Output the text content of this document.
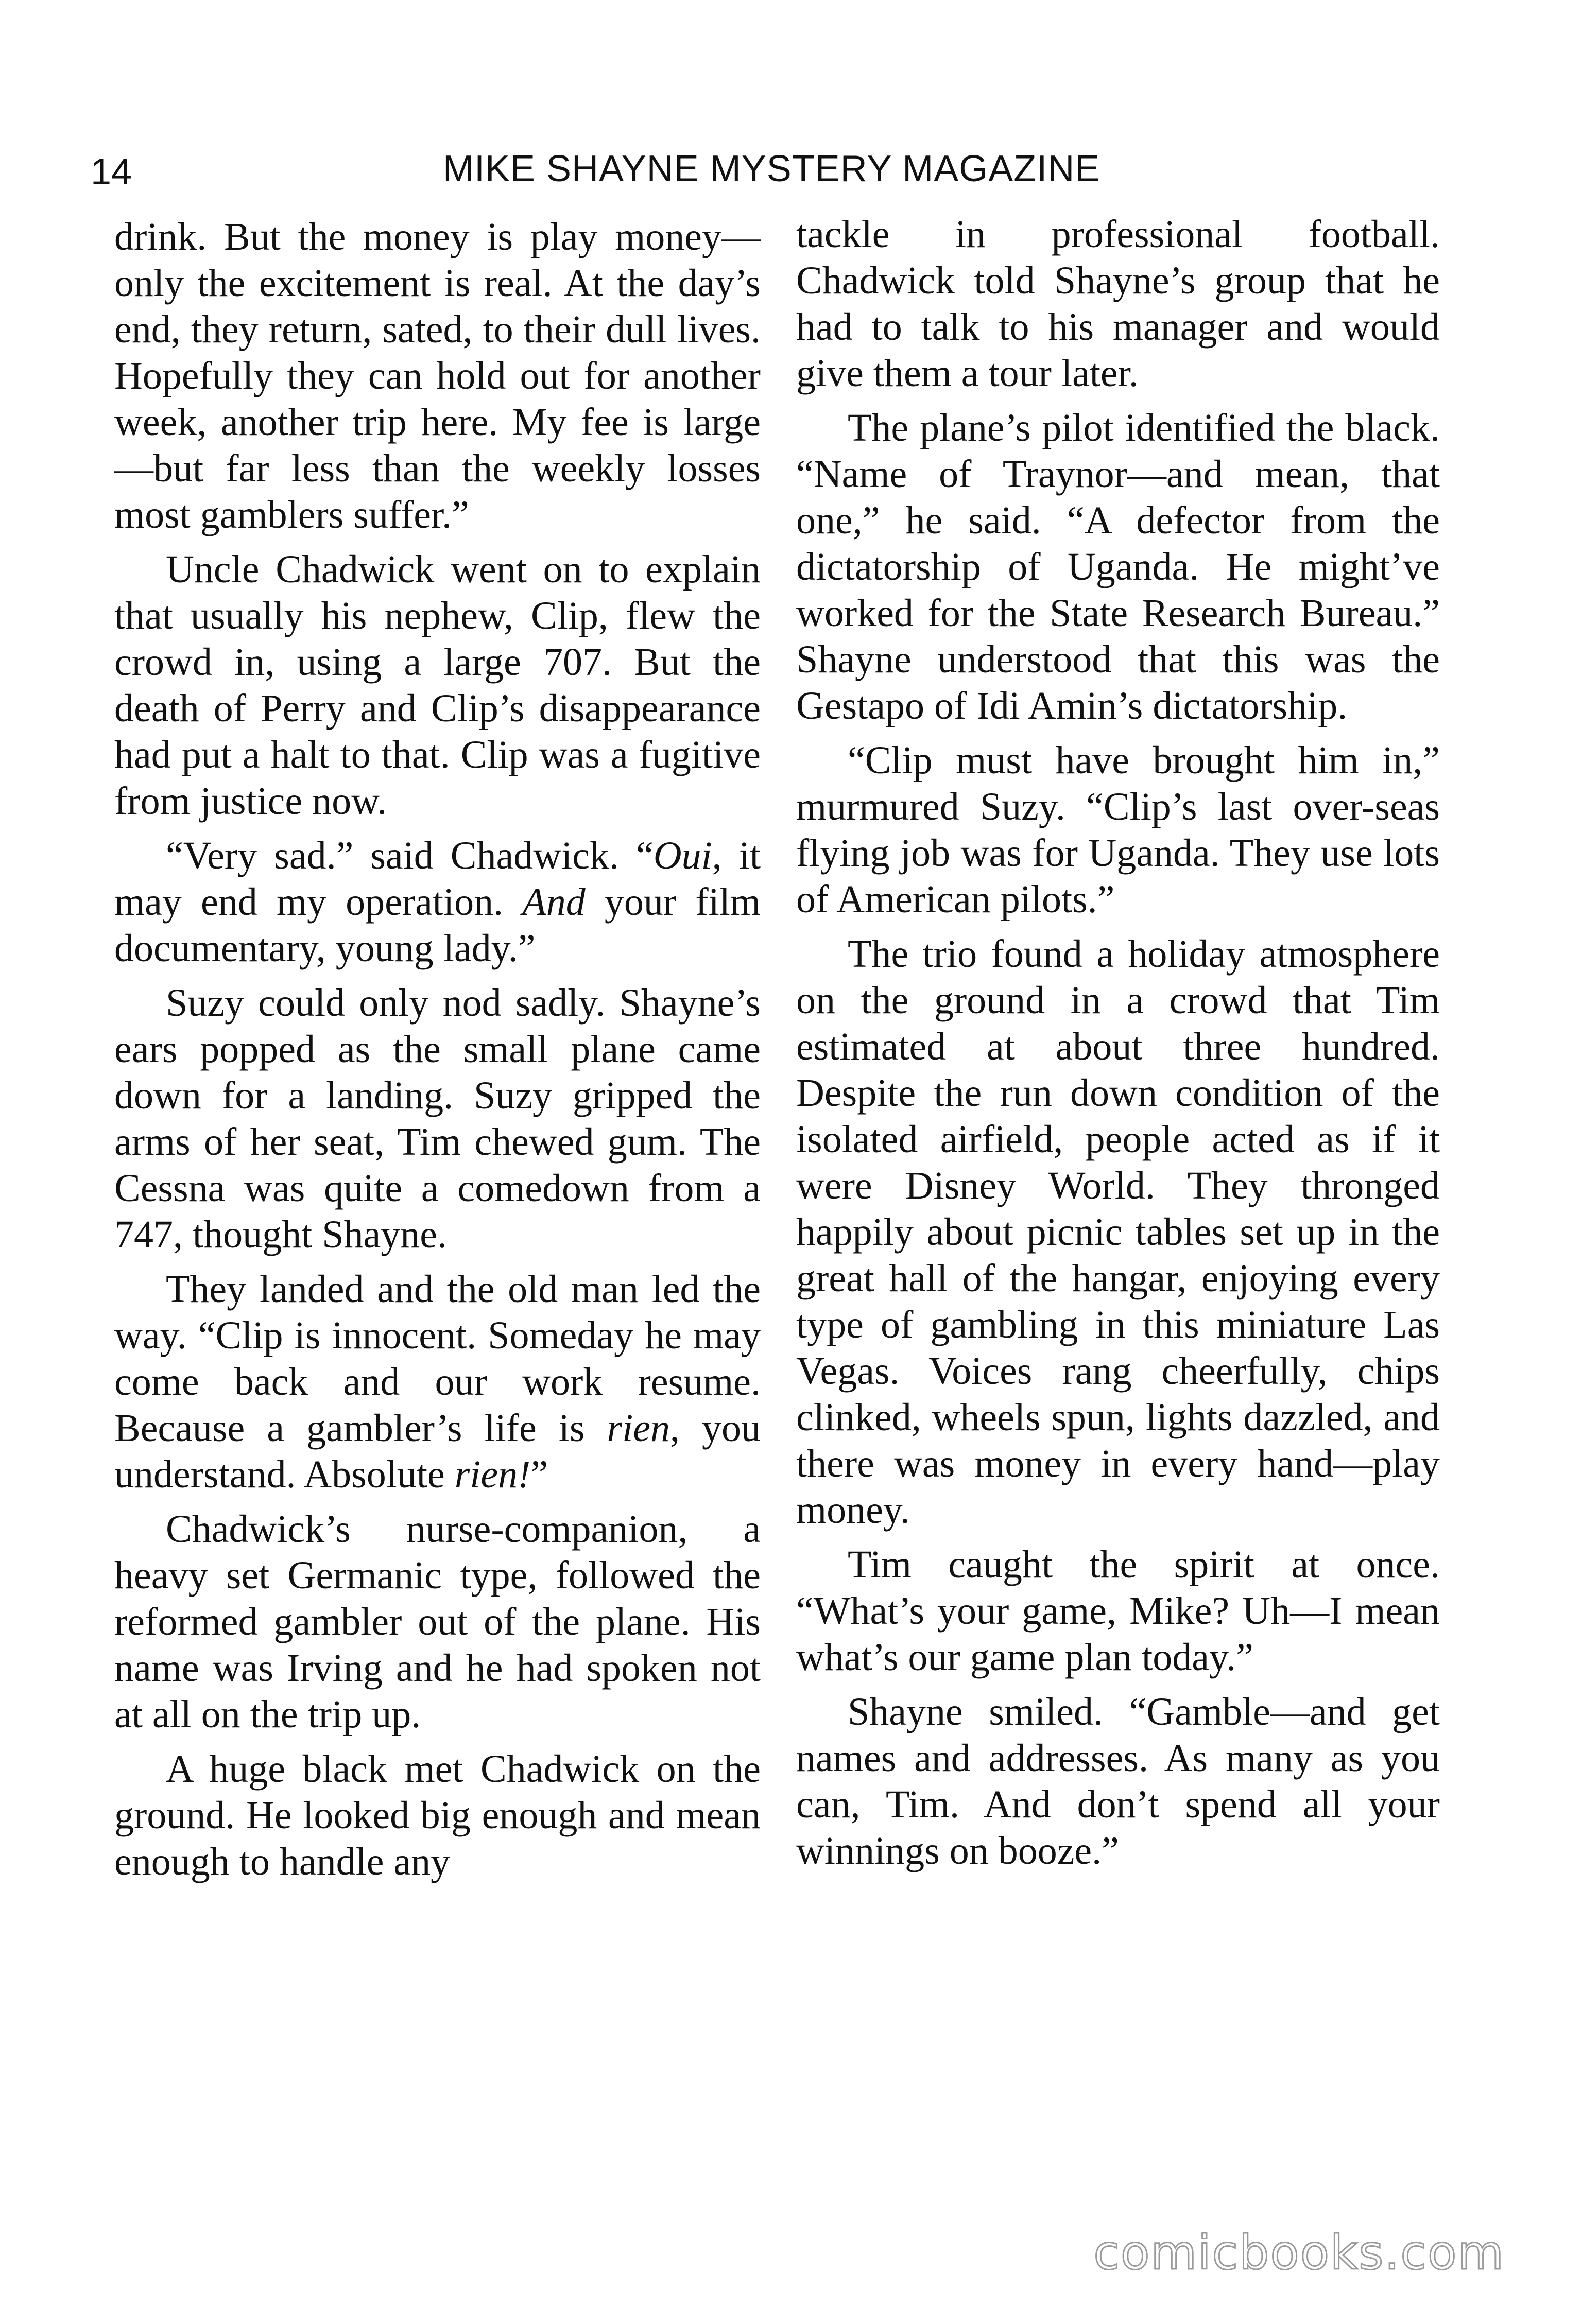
14	MIKE SHAYNE MYSTERY MAGAZINE

drink. But the money is play money—only the excitement is real. At the day’s end, they return, sated, to their dull lives. Hopefully they can hold out for another week, another trip here. My fee is large—but far less than the weekly losses most gamblers suffer.”

Uncle Chadwick went on to explain that usually his nephew, Clip, flew the crowd in, using a large 707. But the death of Perry and Clip’s disappearance had put a halt to that. Clip was a fugitive from justice now.

“Very sad.” said Chadwick. “Oui, it may end my operation. And your film documentary, young lady.”

Suzy could only nod sadly. Shayne’s ears popped as the small plane came down for a landing. Suzy gripped the arms of her seat, Tim chewed gum. The Cessna was quite a comedown from a 747, thought Shayne.

They landed and the old man led the way. “Clip is innocent. Someday he may come back and our work resume. Because a gambler’s life is rien, you understand. Absolute rien!”

Chadwick’s nurse-companion, a heavy set Germanic type, followed the reformed gambler out of the plane. His name was Irving and he had spoken not at all on the trip up.

A huge black met Chadwick on the ground. He looked big enough and mean enough to handle any

tackle in professional football. Chadwick told Shayne’s group that he had to talk to his manager and would give them a tour later.

The plane’s pilot identified the black. “Name of Traynor—and mean, that one,” he said. “A defector from the dictatorship of Uganda. He might’ve worked for the State Research Bureau.” Shayne understood that this was the Gestapo of Idi Amin’s dictatorship.

“Clip must have brought him in,” murmured Suzy. “Clip’s last over-seas flying job was for Uganda. They use lots of American pilots.”

The trio found a holiday atmosphere on the ground in a crowd that Tim estimated at about three hundred. Despite the run down condition of the isolated airfield, people acted as if it were Disney World. They thronged happily about picnic tables set up in the great hall of the hangar, enjoying every type of gambling in this miniature Las Vegas. Voices rang cheerfully, chips clinked, wheels spun, lights dazzled, and there was money in every hand—play money.

Tim caught the spirit at once. “What’s your game, Mike? Uh—I mean what’s our game plan today.”

Shayne smiled. “Gamble—and get names and addresses. As many as you can, Tim. And don’t spend all your winnings on booze.”

comicbooks.com
